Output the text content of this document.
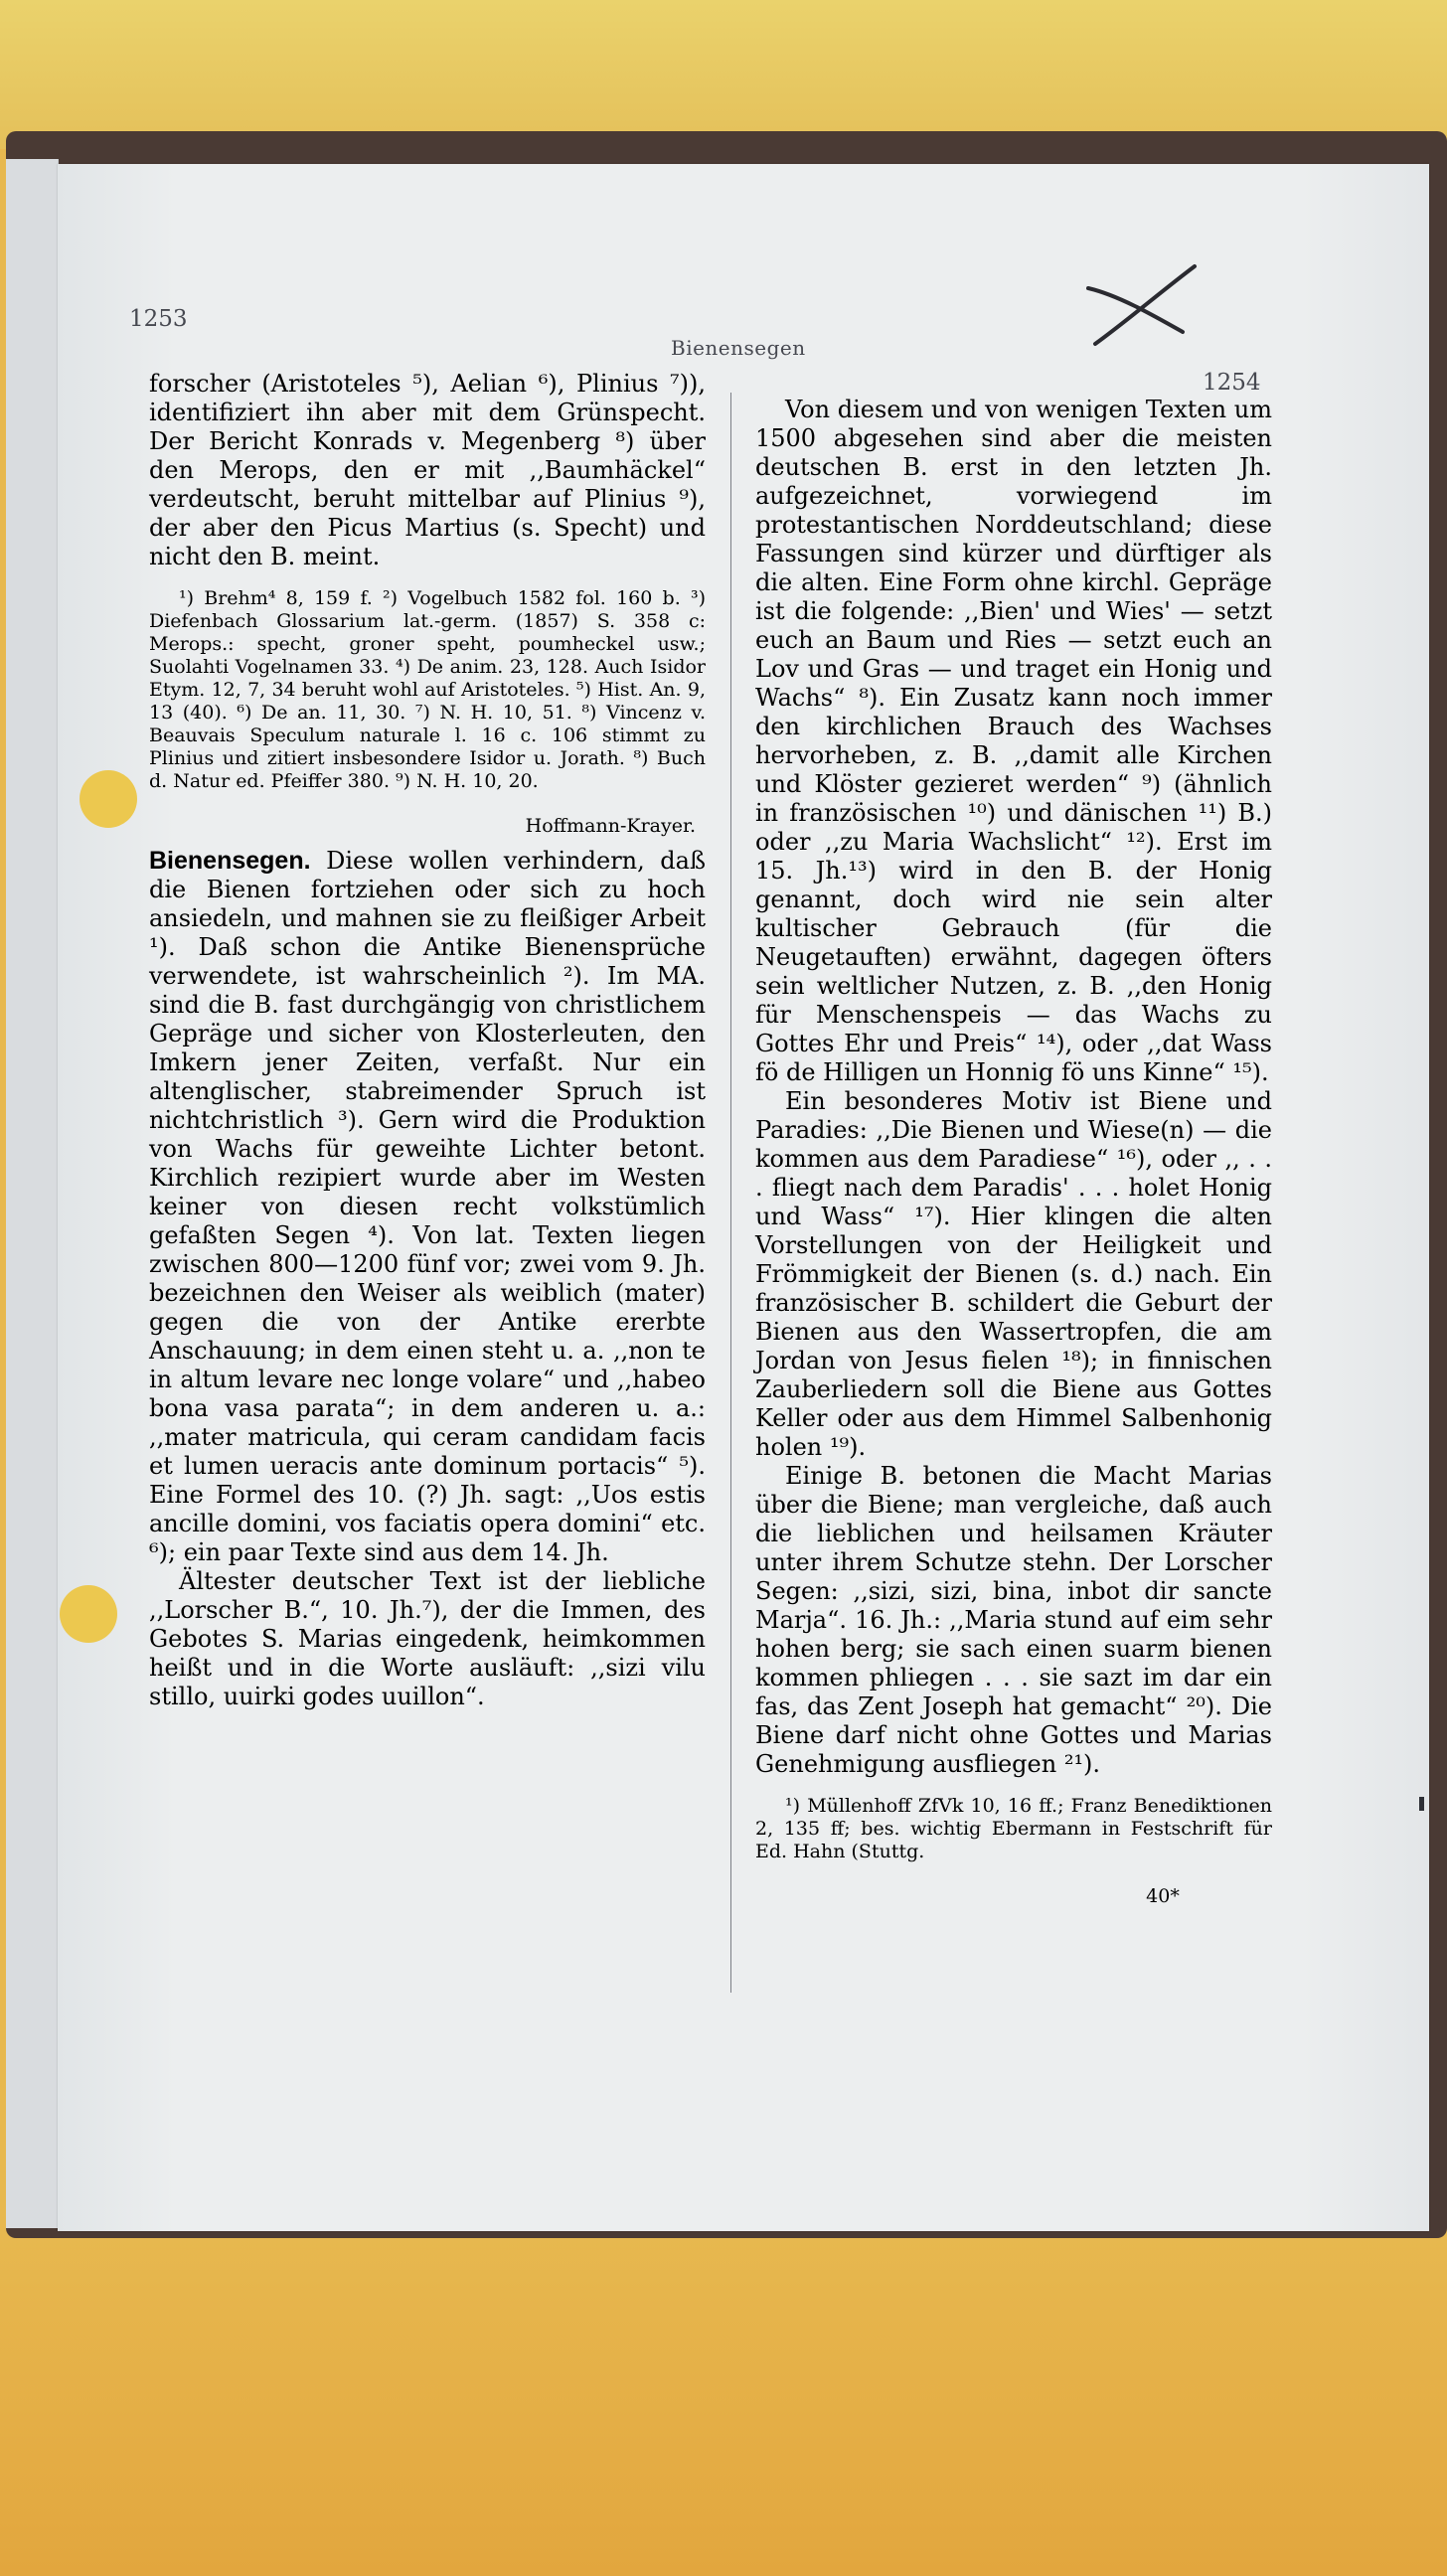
1253
Bienensegen
1254

forscher (Aristoteles ⁵), Aelian ⁶), Plinius ⁷)), identifiziert ihn aber mit dem Grünspecht. Der Bericht Konrads v. Megenberg ⁸) über den Merops, den er mit ,,Baumhäckel“ verdeutscht, beruht mittelbar auf Plinius ⁹), der aber den Picus Martius (s. Specht) und nicht den B. meint.

¹) Brehm⁴ 8, 159 f. ²) Vogelbuch 1582 fol. 160 b. ³) Diefenbach Glossarium lat.-germ. (1857) S. 358 c: Merops.: specht, groner speht, poumheckel usw.; Suolahti Vogelnamen 33. ⁴) De anim. 23, 128. Auch Isidor Etym. 12, 7, 34 beruht wohl auf Aristoteles. ⁵) Hist. An. 9, 13 (40). ⁶) De an. 11, 30. ⁷) N. H. 10, 51. ⁸) Vincenz v. Beauvais Speculum naturale l. 16 c. 106 stimmt zu Plinius und zitiert insbesondere Isidor u. Jorath. ⁸) Buch d. Natur ed. Pfeiffer 380. ⁹) N. H. 10, 20.

Hoffmann-Krayer.

Bienensegen. Diese wollen verhindern, daß die Bienen fortziehen oder sich zu hoch ansiedeln, und mahnen sie zu fleißiger Arbeit ¹). Daß schon die Antike Bienensprüche verwendete, ist wahrscheinlich ²). Im MA. sind die B. fast durchgängig von christlichem Gepräge und sicher von Klosterleuten, den Imkern jener Zeiten, verfaßt. Nur ein altenglischer, stabreimender Spruch ist nichtchristlich ³). Gern wird die Produktion von Wachs für geweihte Lichter betont. Kirchlich rezipiert wurde aber im Westen keiner von diesen recht volkstümlich gefaßten Segen ⁴). Von lat. Texten liegen zwischen 800—1200 fünf vor; zwei vom 9. Jh. bezeichnen den Weiser als weiblich (mater) gegen die von der Antike ererbte Anschauung; in dem einen steht u. a. ,,non te in altum levare nec longe volare“ und ,,habeo bona vasa parata“; in dem anderen u. a.: ,,mater matricula, qui ceram candidam facis et lumen ueracis ante dominum portacis“ ⁵). Eine Formel des 10. (?) Jh. sagt: ,,Uos estis ancille domini, vos faciatis opera domini“ etc. ⁶); ein paar Texte sind aus dem 14. Jh.

Ältester deutscher Text ist der liebliche ,,Lorscher B.“, 10. Jh.⁷), der die Immen, des Gebotes S. Marias eingedenk, heimkommen heißt und in die Worte ausläuft: ,,sizi vilu stillo, uuirki godes uuillon“.

Von diesem und von wenigen Texten um 1500 abgesehen sind aber die meisten deutschen B. erst in den letzten Jh. aufgezeichnet, vorwiegend im protestantischen Norddeutschland; diese Fassungen sind kürzer und dürftiger als die alten. Eine Form ohne kirchl. Gepräge ist die folgende: ,,Bien' und Wies' — setzt euch an Baum und Ries — setzt euch an Lov und Gras — und traget ein Honig und Wachs“ ⁸). Ein Zusatz kann noch immer den kirchlichen Brauch des Wachses hervorheben, z. B. ,,damit alle Kirchen und Klöster gezieret werden“ ⁹) (ähnlich in französischen ¹⁰) und dänischen ¹¹) B.) oder ,,zu Maria Wachslicht“ ¹²). Erst im 15. Jh.¹³) wird in den B. der Honig genannt, doch wird nie sein alter kultischer Gebrauch (für die Neugetauften) erwähnt, dagegen öfters sein weltlicher Nutzen, z. B. ,,den Honig für Menschenspeis — das Wachs zu Gottes Ehr und Preis“ ¹⁴), oder ,,dat Wass fö de Hilligen un Honnig fö uns Kinne“ ¹⁵).

Ein besonderes Motiv ist Biene und Paradies: ,,Die Bienen und Wiese(n) — die kommen aus dem Paradiese“ ¹⁶), oder ,, . . . fliegt nach dem Paradis' . . . holet Honig und Wass“ ¹⁷). Hier klingen die alten Vorstellungen von der Heiligkeit und Frömmigkeit der Bienen (s. d.) nach. Ein französischer B. schildert die Geburt der Bienen aus den Wassertropfen, die am Jordan von Jesus fielen ¹⁸); in finnischen Zauberliedern soll die Biene aus Gottes Keller oder aus dem Himmel Salbenhonig holen ¹⁹).

Einige B. betonen die Macht Marias über die Biene; man vergleiche, daß auch die lieblichen und heilsamen Kräuter unter ihrem Schutze stehn. Der Lorscher Segen: ,,sizi, sizi, bina, inbot dir sancte Marja“. 16. Jh.: ,,Maria stund auf eim sehr hohen berg; sie sach einen suarm bienen kommen phliegen . . . sie sazt im dar ein fas, das Zent Joseph hat gemacht“ ²⁰). Die Biene darf nicht ohne Gottes und Marias Genehmigung ausfliegen ²¹).

¹) Müllenhoff ZfVk 10, 16 ff.; Franz Benediktionen 2, 135 ff; bes. wichtig Ebermann in Festschrift für Ed. Hahn (Stuttg.

40*
